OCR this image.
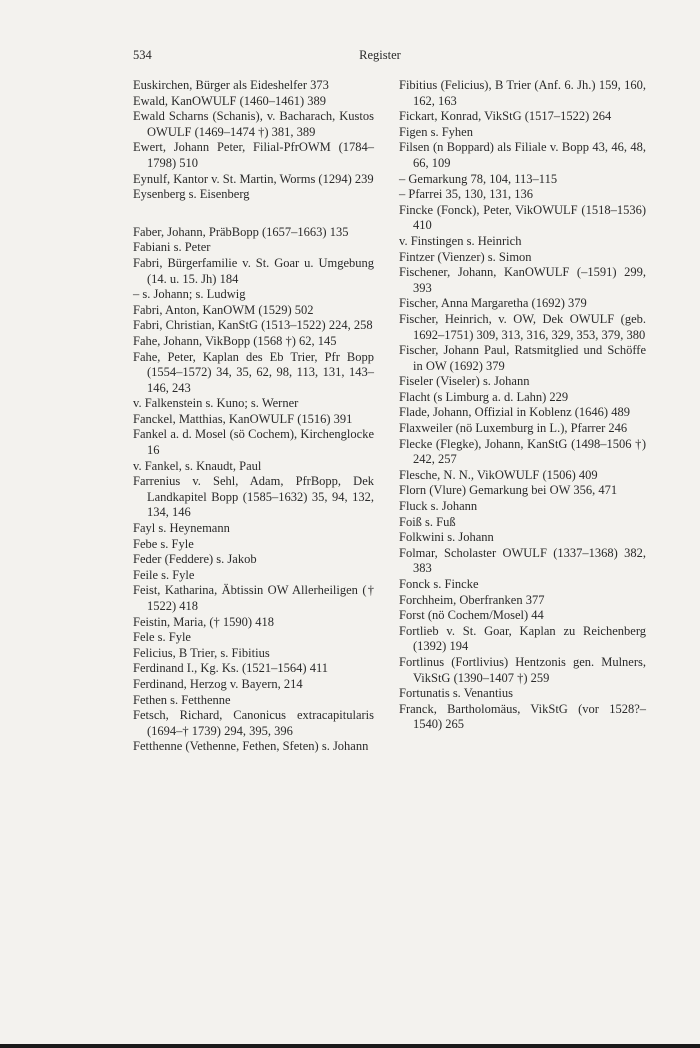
534	Register

Euskirchen, Bürger als Eideshelfer 373

Ewald, KanOWULF (1460–1461) 389

Ewald Scharns (Schanis), v. Bacharach, Kustos OWULF (1469–1474 †) 381, 389

Ewert, Johann Peter, Filial-PfrOWM (1784–1798) 510

Eynulf, Kantor v. St. Martin, Worms (1294) 239

Eysenberg s. Eisenberg

Faber, Johann, PräbBopp (1657–1663) 135

Fabiani s. Peter

Fabri, Bürgerfamilie v. St. Goar u. Umgebung (14. u. 15. Jh) 184

– s. Johann; s. Ludwig

Fabri, Anton, KanOWM (1529) 502

Fabri, Christian, KanStG (1513–1522) 224, 258

Fahe, Johann, VikBopp (1568 †) 62, 145

Fahe, Peter, Kaplan des Eb Trier, Pfr Bopp (1554–1572) 34, 35, 62, 98, 113, 131, 143–146, 243

v. Falkenstein s. Kuno; s. Werner

Fanckel, Matthias, KanOWULF (1516) 391

Fankel a. d. Mosel (sö Cochem), Kirchenglocke 16

v. Fankel, s. Knaudt, Paul

Farrenius v. Sehl, Adam, PfrBopp, Dek Landkapitel Bopp (1585–1632) 35, 94, 132, 134, 146

Fayl s. Heynemann

Febe s. Fyle

Feder (Feddere) s. Jakob

Feile s. Fyle

Feist, Katharina, Äbtissin OW Allerheiligen († 1522) 418

Feistin, Maria, († 1590) 418

Fele s. Fyle

Felicius, B Trier, s. Fibitius

Ferdinand I., Kg. Ks. (1521–1564) 411

Ferdinand, Herzog v. Bayern, 214

Fethen s. Fetthenne

Fetsch, Richard, Canonicus extracapitularis (1694–† 1739) 294, 395, 396

Fetthenne (Vethenne, Fethen, Sfeten) s. Johann

Fibitius (Felicius), B Trier (Anf. 6. Jh.) 159, 160, 162, 163

Fickart, Konrad, VikStG (1517–1522) 264

Figen s. Fyhen

Filsen (n Boppard) als Filiale v. Bopp 43, 46, 48, 66, 109

– Gemarkung 78, 104, 113–115

– Pfarrei 35, 130, 131, 136

Fincke (Fonck), Peter, VikOWULF (1518–1536) 410

v. Finstingen s. Heinrich

Fintzer (Vienzer) s. Simon

Fischener, Johann, KanOWULF (–1591) 299, 393

Fischer, Anna Margaretha (1692) 379

Fischer, Heinrich, v. OW, Dek OWULF (geb. 1692–1751) 309, 313, 316, 329, 353, 379, 380

Fischer, Johann Paul, Ratsmitglied und Schöffe in OW (1692) 379

Fiseler (Viseler) s. Johann

Flacht (s Limburg a. d. Lahn) 229

Flade, Johann, Offizial in Koblenz (1646) 489

Flaxweiler (nö Luxemburg in L.), Pfarrer 246

Flecke (Flegke), Johann, KanStG (1498–1506 †) 242, 257

Flesche, N. N., VikOWULF (1506) 409

Florn (Vlure) Gemarkung bei OW 356, 471

Fluck s. Johann

Foiß s. Fuß

Folkwini s. Johann

Folmar, Scholaster OWULF (1337–1368) 382, 383

Fonck s. Fincke

Forchheim, Oberfranken 377

Forst (nö Cochem/Mosel) 44

Fortlieb v. St. Goar, Kaplan zu Reichenberg (1392) 194

Fortlinus (Fortlivius) Hentzonis gen. Mulners, VikStG (1390–1407 †) 259

Fortunatis s. Venantius

Franck, Bartholomäus, VikStG (vor 1528?–1540) 265
